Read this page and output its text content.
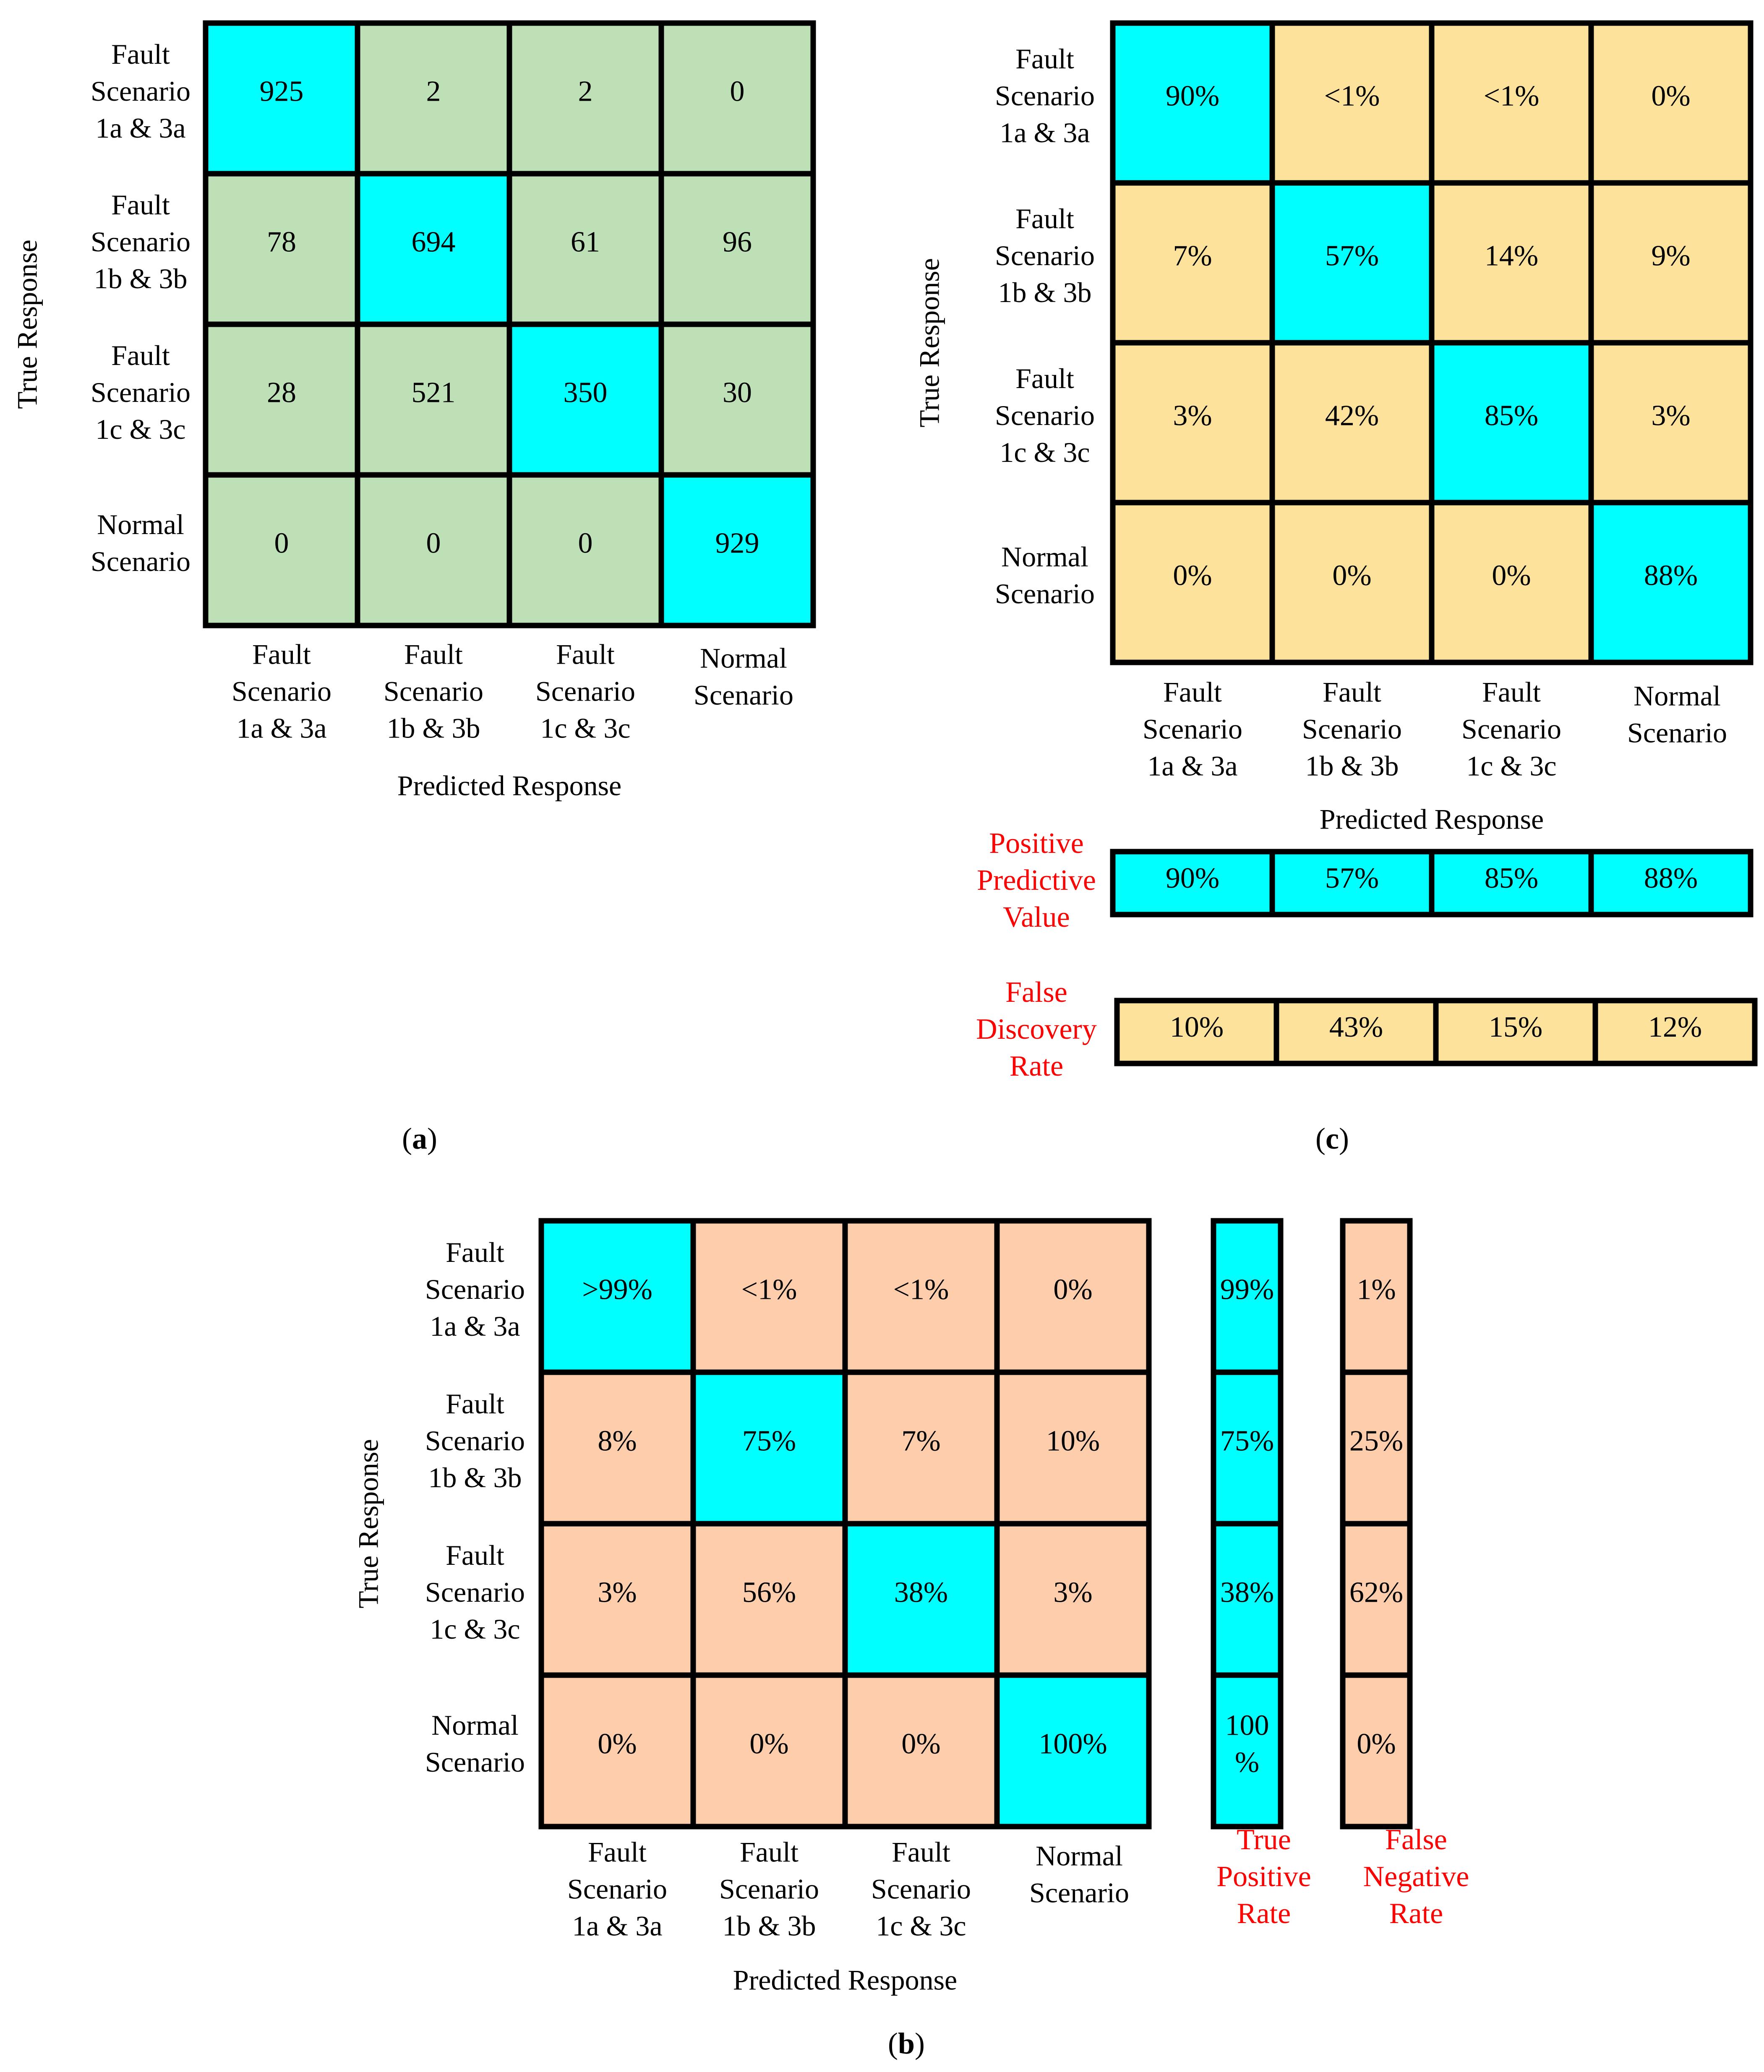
925	2	2	0
78	694	61	96
28	521	350	30
0	0	0	929
Fault Scenario 1a & 3a
Fault Scenario 1b & 3b
Fault Scenario 1c & 3c
Normal Scenario
Fault Scenario 1a & 3a
Fault Scenario 1b & 3b
Fault Scenario 1c & 3c
Normal Scenario
True Response
Predicted Response
(a)
90%	<1%	<1%	0%
7%	57%	14%	9%
3%	42%	85%	3%
0%	0%	0%	88%
Fault Scenario 1a & 3a
Fault Scenario 1b & 3b
Fault Scenario 1c & 3c
Normal Scenario
Fault Scenario 1a & 3a
Fault Scenario 1b & 3b
Fault Scenario 1c & 3c
Normal Scenario
True Response
Predicted Response
(c)
90%	57%	85%	88%
Positive Predictive Value
10%	43%	15%	12%
False Discovery Rate
>99%	<1%	<1%	0%
8%	75%	7%	10%
3%	56%	38%	3%
0%	0%	0%	100%
Fault Scenario 1a & 3a
Fault Scenario 1b & 3b
Fault Scenario 1c & 3c
Normal Scenario
Fault Scenario 1a & 3a
Fault Scenario 1b & 3b
Fault Scenario 1c & 3c
Normal Scenario
True Response
Predicted Response
(b)
99%
75%
38%
100 %
True Positive Rate
1%
25%
62%
0%
False Negative Rate
